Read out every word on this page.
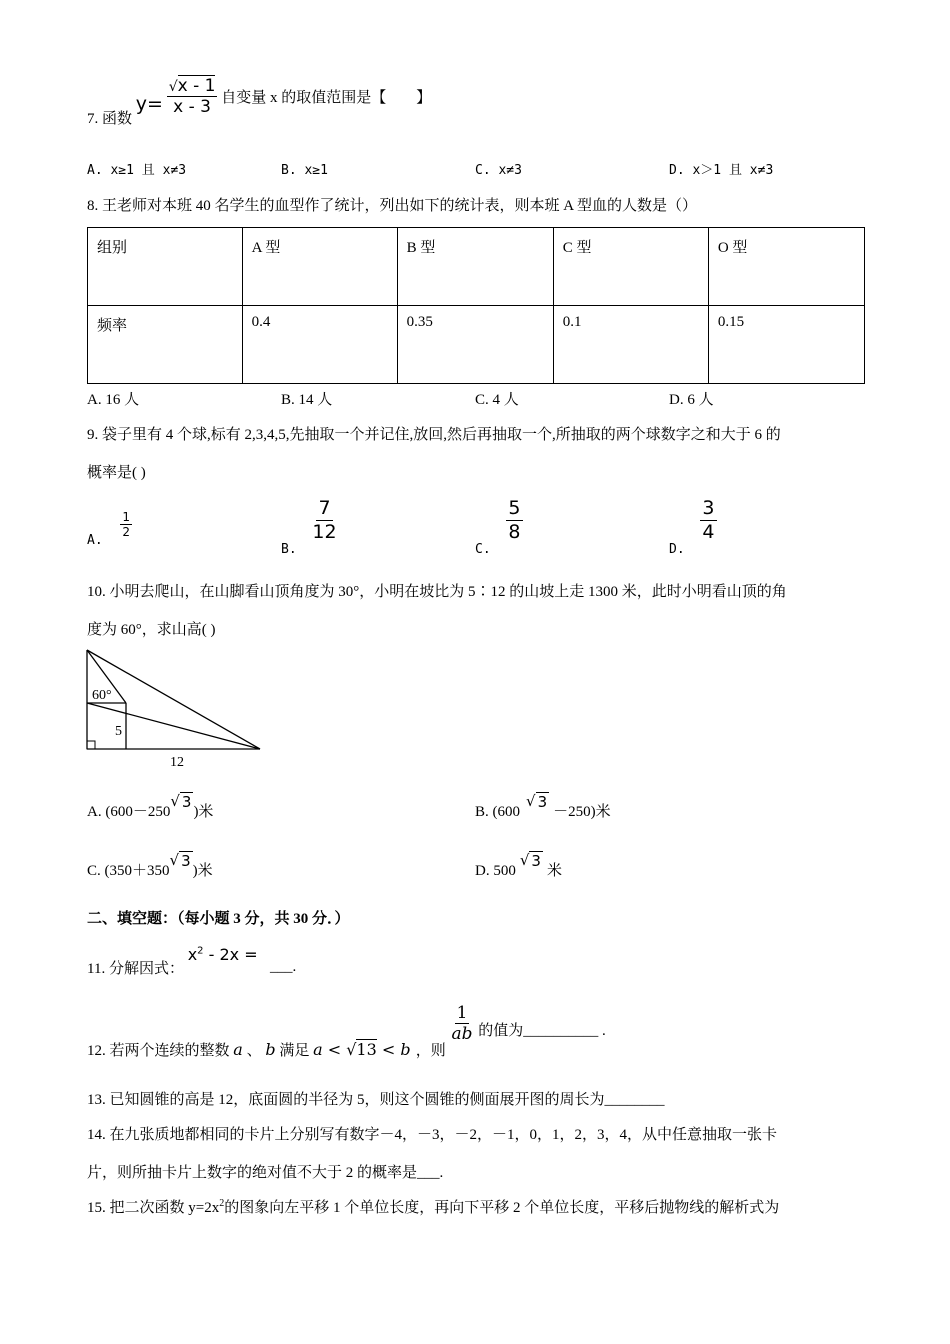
7. 函数 $y= \frac{√x - 1}{x - 3}$ 自变量 x 的取值范围是【　　】
A. x≥1 且 x≠3	B. x≥1	C. x≠3	D. x＞1 且 x≠3
8. 王老师对本班 40 名学生的血型作了统计，列出如下的统计表，则本班 A 型血的人数是（）
组别	A 型	B 型	C 型	O 型
频率	0.4	0.35	0.1	0.15
A. 16 人	B. 14 人	C. 4 人	D. 6 人
9. 袋子里有 4 个球,标有 2,3,4,5,先抽取一个并记住,放回,然后再抽取一个,所抽取的两个球数字之和大于 6 的
概率是( )
A.
$\frac{1}{2}$
B.
$\frac{7}{12}$
C.
$\frac{5}{8}$
D.
$\frac{3}{4}$
10. 小明去爬山，在山脚看山顶角度为 30°，小明在坡比为 5∶12 的山坡上走 1300 米，此时小明看山顶的角
度为 60°，求山高( )
60°
5
12
A. (600－250
√ 3
)米	B. (600
√ 3
－250)米
C. (350＋350
√ 3
)米	D. 500
√ 3
米
二、填空题：（每小题 3 分，共 30 分．）
11. 分解因式： $x^2 - 2x$ =
___.
12. 若两个连续的整数 a 、 b 满足 a < √13 < b ，则
$\frac{1}{ab}$ 的值为__________ .
13. 已知圆锥的高是 12，底面圆的半径为 5，则这个圆锥的侧面展开图的周长为________
14. 在九张质地都相同的卡片上分别写有数字－4，－3，－2，－1，0，1，2，3，4，从中任意抽取一张卡
片，则所抽卡片上数字的绝对值不大于 2 的概率是___.
15. 把二次函数 $y=2x^2$的图象向左平移 1 个单位长度，再向下平移 2 个单位长度，平移后抛物线的解析式为
